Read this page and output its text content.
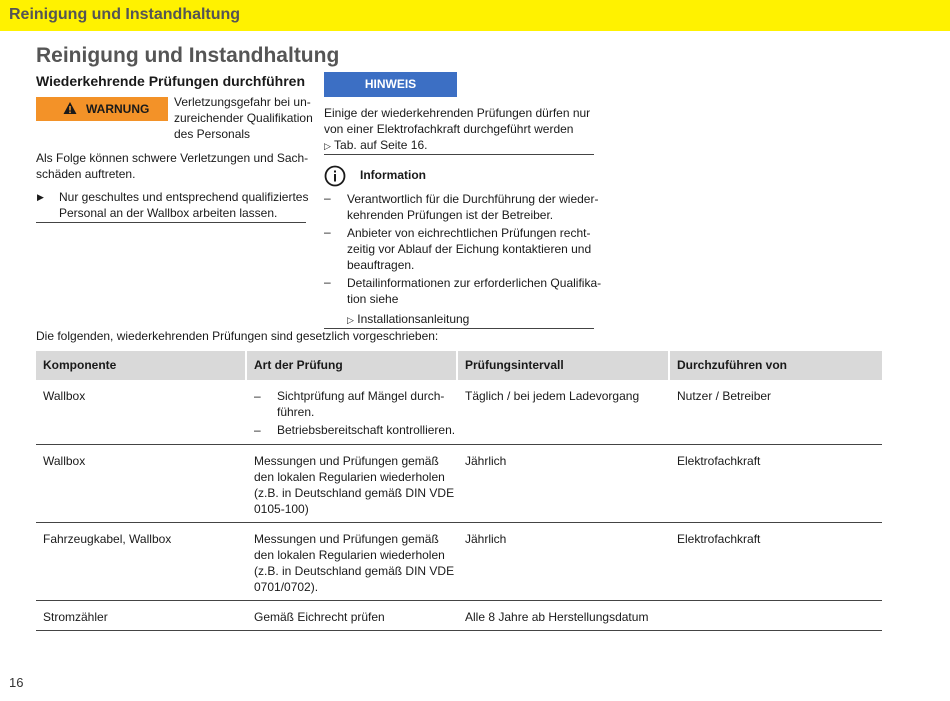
Reinigung und Instandhaltung
Reinigung und Instandhaltung
Wiederkehrende Prüfungen durchführen
WARNUNG Verletzungsgefahr bei un-
zureichender Qualifikation
des Personals
Als Folge können schwere Verletzungen und Sach-
schäden auftreten.
▶ Nur geschultes und entsprechend qualifiziertes
Personal an der Wallbox arbeiten lassen.
HINWEIS
Einige der wiederkehrenden Prüfungen dürfen nur
von einer Elektrofachkraft durchgeführt werden
▷ Tab. auf Seite 16.
Information
– Verantwortlich für die Durchführung der wieder-
kehrenden Prüfungen ist der Betreiber.
– Anbieter von eichrechtlichen Prüfungen recht-
zeitig vor Ablauf der Eichung kontaktieren und
beauftragen.
– Detailinformationen zur erforderlichen Qualifika-
tion siehe
▷ Installationsanleitung
Die folgenden, wiederkehrenden Prüfungen sind gesetzlich vorgeschrieben:
Komponente	Art der Prüfung	Prüfungsintervall	Durchzuführen von
Wallbox	– Sichtprüfung auf Mängel durch-
führen.
– Betriebsbereitschaft kontrollieren.
Täglich / bei jedem Ladevorgang	Nutzer / Betreiber
Wallbox	Messungen und Prüfungen gemäß
den lokalen Regularien wiederholen
(z.B. in Deutschland gemäß DIN VDE
0105-100)
Jährlich	Elektrofachkraft
Fahrzeugkabel, Wallbox	Messungen und Prüfungen gemäß
den lokalen Regularien wiederholen
(z.B. in Deutschland gemäß DIN VDE
0701/0702).
Jährlich	Elektrofachkraft
Stromzähler	Gemäß Eichrecht prüfen	Alle 8 Jahre ab Herstellungsdatum
16
